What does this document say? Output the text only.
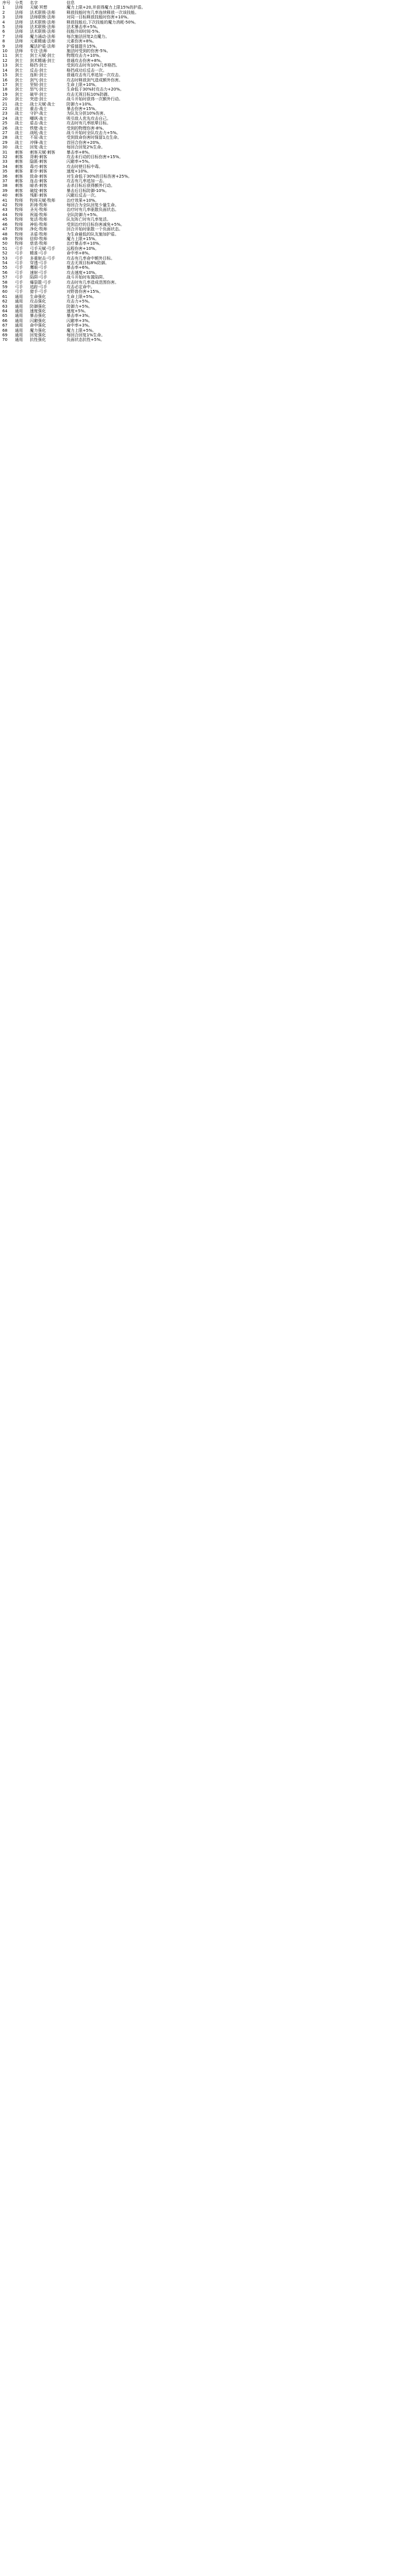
序号	分类	名字	信息
1	法师	天赋·冥想	魔力上限+20,并获得魔力上限15%的护盾。
2	法师	法术联锁·法师	释放技能时有几率连续释放一次该技能。
3	法师	法师联锁·法师	对同一目标释放技能时伤害+10%。
4	法师	法术联锁·法师	释放技能后,下次技能的魔力消耗-50%。
5	法师	法术联锁·法师	法术暴击率+5%。
6	法师	法术联锁·法师	技能冷却时间-5%。
7	法师	魔力涌动·法师	每次施法回复2点魔力。
8	法师	元素精通·法师	元素伤害+8%。
9	法师	魔法护盾·法师	护盾值提升15%。
10	法师	专注·法师	施法时受到的伤害-5%。
11	剑士	剑士天赋·剑士	物理攻击力+10%。
12	剑士	剑术精通·剑士	普通攻击伤害+8%。
13	剑士	格挡·剑士	受到攻击时有10%几率格挡。
14	剑士	反击·剑士	格挡成功后反击一次。
15	剑士	连斩·剑士	普通攻击有几率追加一次攻击。
16	剑士	剑气·剑士	攻击时释放剑气造成额外伤害。
17	剑士	坚韧·剑士	生命上限+10%。
18	剑士	怒气·剑士	生命低于30%时攻击力+20%。
19	剑士	破甲·剑士	攻击无视目标10%防御。
20	剑士	突进·剑士	战斗开始时获得一次额外行动。
21	战士	战士天赋·战士	防御力+10%。
22	战士	重击·战士	暴击伤害+15%。
23	战士	守护·战士	为队友分担10%伤害。
24	战士	嘲讽·战士	吸引敌人优先攻击自己。
25	战士	盾击·战士	攻击时有几率眩晕目标。
26	战士	铁壁·战士	受到的物理伤害-8%。
27	战士	战吼·战士	战斗开始时全队攻击力+5%。
28	战士	不屈·战士	受到致命伤害时保留1点生命。
29	战士	冲锋·战士	首回合伤害+20%。
30	战士	回复·战士	每回合回复2%生命。
31	刺客	刺客天赋·刺客	暴击率+8%。
32	刺客	背刺·刺客	攻击未行动的目标伤害+15%。
33	刺客	隐匿·刺客	闪避率+5%。
34	刺客	毒刃·刺客	攻击时使目标中毒。
35	刺客	影步·刺客	速度+10%。
36	刺客	致命·刺客	对生命低于30%的目标伤害+25%。
37	刺客	连击·刺客	攻击有几率追加一击。
38	刺客	暗杀·刺客	击杀目标后获得额外行动。
39	刺客	破绽·刺客	暴击后目标防御-10%。
40	刺客	残影·刺客	闪避后反击一次。
41	牧师	牧师天赋·牧师	治疗效果+10%。
42	牧师	祈祷·牧师	每回合为全队回复少量生命。
43	牧师	圣光·牧师	治疗时有几率驱散负面状态。
44	牧师	祝福·牧师	全队防御力+5%。
45	牧师	复活·牧师	队友阵亡时有几率复活。
46	牧师	神佑·牧师	受到治疗的目标伤害减免+5%。
47	牧师	净化·牧师	回合开始时驱散一个负面状态。
48	牧师	圣盾·牧师	为生命最低的队友施加护盾。
49	牧师	信仰·牧师	魔力上限+15%。
50	牧师	慈悲·牧师	治疗暴击率+10%。
51	弓手	弓手天赋·弓手	远程伤害+10%。
52	弓手	精准·弓手	命中率+8%。
53	弓手	多重射击·弓手	攻击有几率命中额外目标。
54	弓手	穿透·弓手	攻击无视目标8%防御。
55	弓手	鹰眼·弓手	暴击率+6%。
56	弓手	速射·弓手	攻击速度+10%。
57	弓手	陷阱·弓手	战斗开始时布置陷阱。
58	弓手	爆裂箭·弓手	攻击时有几率造成范围伤害。
59	弓手	追踪·弓手	攻击必定命中。
60	弓手	猎手·弓手	对野兽伤害+15%。
61	通用	生命强化	生命上限+5%。
62	通用	攻击强化	攻击力+5%。
63	通用	防御强化	防御力+5%。
64	通用	速度强化	速度+5%。
65	通用	暴击强化	暴击率+3%。
66	通用	闪避强化	闪避率+3%。
67	通用	命中强化	命中率+3%。
68	通用	魔力强化	魔力上限+5%。
69	通用	回复强化	每回合回复1%生命。
70	通用	抗性强化	负面状态抗性+5%。
